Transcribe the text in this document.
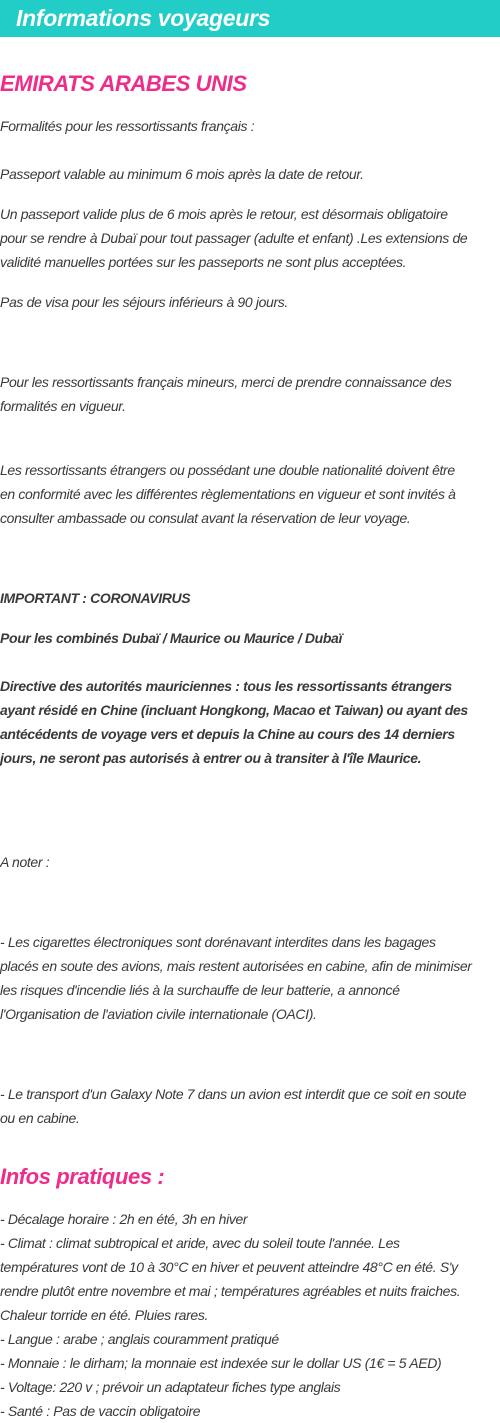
Informations voyageurs
EMIRATS ARABES UNIS
Formalités pour les ressortissants français :
Passeport valable au minimum 6 mois après la date de retour.
Un passeport valide plus de 6 mois après le retour, est désormais obligatoire
pour se rendre à Dubaï pour tout passager (adulte et enfant) .Les extensions de
validité manuelles portées sur les passeports ne sont plus acceptées.
Pas de visa pour les séjours inférieurs à 90 jours.
Pour les ressortissants français mineurs, merci de prendre connaissance des
formalités en vigueur.
Les ressortissants étrangers ou possédant une double nationalité doivent être
en conformité avec les différentes règlementations en vigueur et sont invités à
consulter ambassade ou consulat avant la réservation de leur voyage.
IMPORTANT : CORONAVIRUS
Pour les combinés Dubaï / Maurice ou Maurice / Dubaï
Directive des autorités mauriciennes : tous les ressortissants étrangers
ayant résidé en Chine (incluant Hongkong, Macao et Taiwan) ou ayant des
antécédents de voyage vers et depuis la Chine au cours des 14 derniers
jours, ne seront pas autorisés à entrer ou à transiter à l'île Maurice.
A noter :
- Les cigarettes électroniques sont dorénavant interdites dans les bagages
placés en soute des avions, mais restent autorisées en cabine, afin de minimiser
les risques d'incendie liés à la surchauffe de leur batterie, a annoncé
l'Organisation de l'aviation civile internationale (OACI).
- Le transport d'un Galaxy Note 7 dans un avion est interdit que ce soit en soute
ou en cabine.
Infos pratiques :
- Décalage horaire : 2h en été, 3h en hiver
- Climat : climat subtropical et aride, avec du soleil toute l'année. Les
températures vont de 10 à 30°C en hiver et peuvent atteindre 48°C en été. S'y
rendre plutôt entre novembre et mai ; températures agréables et nuits fraiches.
Chaleur torride en été. Pluies rares.
- Langue : arabe ; anglais couramment pratiqué
- Monnaie : le dirham; la monnaie est indexée sur le dollar US (1€ = 5 AED)
- Voltage: 220 v ; prévoir un adaptateur fiches type anglais
- Santé : Pas de vaccin obligatoire
